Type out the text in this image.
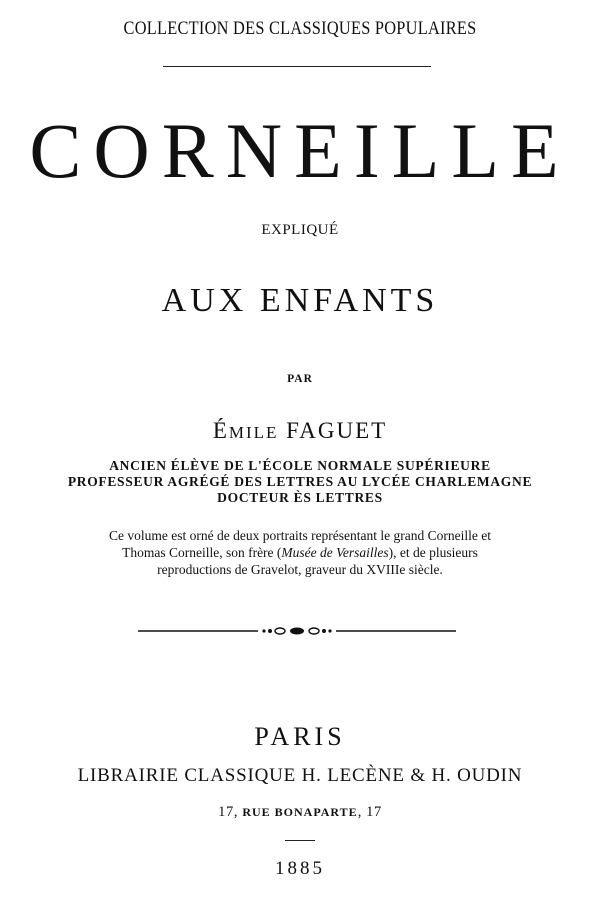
COLLECTION DES CLASSIQUES POPULAIRES
CORNEILLE
EXPLIQUÉ
AUX ENFANTS
PAR
ÉMILE FAGUET
ANCIEN ÉLÈVE DE L'ÉCOLE NORMALE SUPÉRIEURE
PROFESSEUR AGRÉGÉ DES LETTRES AU LYCÉE CHARLEMAGNE
DOCTEUR ÈS LETTRES
Ce volume est orné de deux portraits représentant le grand Corneille et
Thomas Corneille, son frère (Musée de Versailles), et de plusieurs
reproductions de Gravelot, graveur du XVIIIe siècle.
PARIS
LIBRAIRIE CLASSIQUE H. LECÈNE & H. OUDIN
17, RUE BONAPARTE, 17
1885
